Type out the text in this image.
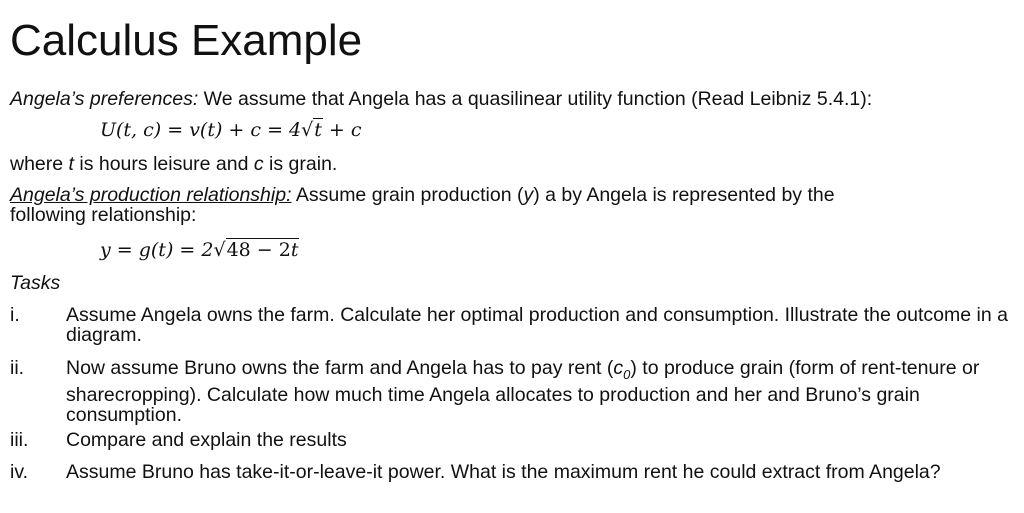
Calculus Example
Angela’s preferences: We assume that Angela has a quasilinear utility function (Read Leibniz 5.4.1):
U(t, c) = v(t) + c = 4√t + c
where t is hours leisure and c is grain.
Angela’s production relationship: Assume grain production (y) a by Angela is represented by the
following relationship:
y = g(t) = 2√48 − 2t
Tasks
i. Assume Angela owns the farm. Calculate her optimal production and consumption. Illustrate the outcome in a diagram.
ii. Now assume Bruno owns the farm and Angela has to pay rent $(c_0)$ to produce grain (form of rent-tenure or sharecropping). Calculate how much time Angela allocates to production and her and Bruno’s grain consumption.
iii. Compare and explain the results
iv. Assume Bruno has take-it-or-leave-it power. What is the maximum rent he could extract from Angela?
